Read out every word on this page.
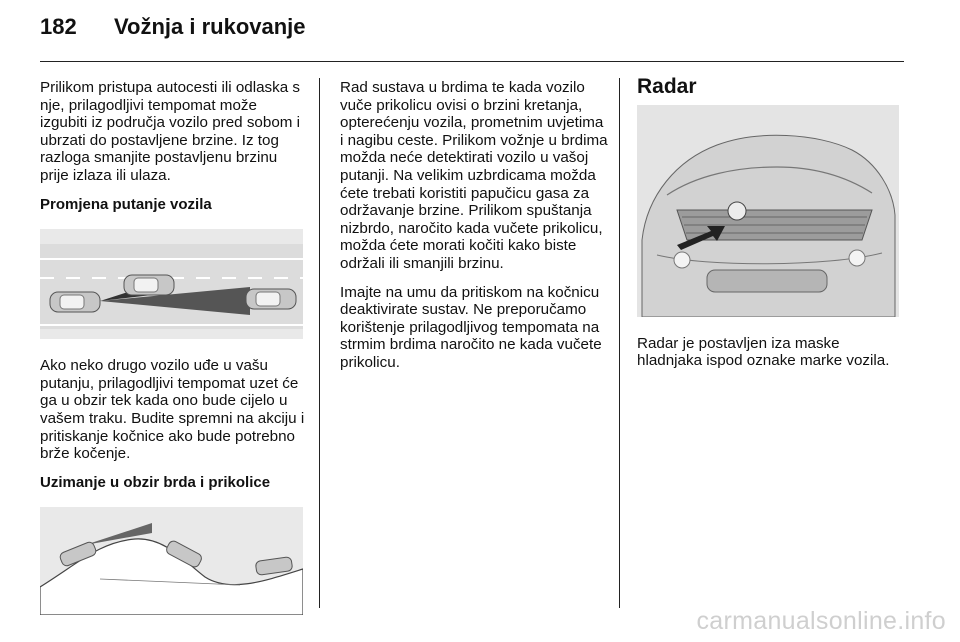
182 Vožnja i rukovanje

Prilikom pristupa autocesti ili odlaska s nje, prilagodljivi tempomat može izgubiti iz područja vozilo pred sobom i ubrzati do postavljene brzine. Iz tog razloga smanjite postavljenu brzinu prije izlaza ili ulaza.

Promjena putanje vozila

Ako neko drugo vozilo uđe u vašu putanju, prilagodljivi tempomat uzet će ga u obzir tek kada ono bude cijelo u vašem traku. Budite spremni na akciju i pritiskanje kočnice ako bude potrebno brže kočenje.

Uzimanje u obzir brda i prikolice

Rad sustava u brdima te kada vozilo vuče prikolicu ovisi o brzini kretanja, opterećenju vozila, prometnim uvjetima i nagibu ceste. Prilikom vožnje u brdima možda neće detektirati vozilo u vašoj putanji. Na velikim uzbrdicama možda ćete trebati koristiti papučicu gasa za održavanje brzine. Prilikom spuštanja nizbrdo, naročito kada vučete prikolicu, možda ćete morati kočiti kako biste održali ili smanjili brzinu.

Imajte na umu da pritiskom na kočnicu deaktivirate sustav. Ne preporučamo korištenje prilagodljivog tempomata na strmim brdima naročito ne kada vučete prikolicu.

Radar

Radar je postavljen iza maske hladnjaka ispod oznake marke vozila.

carmanualsonline.info
